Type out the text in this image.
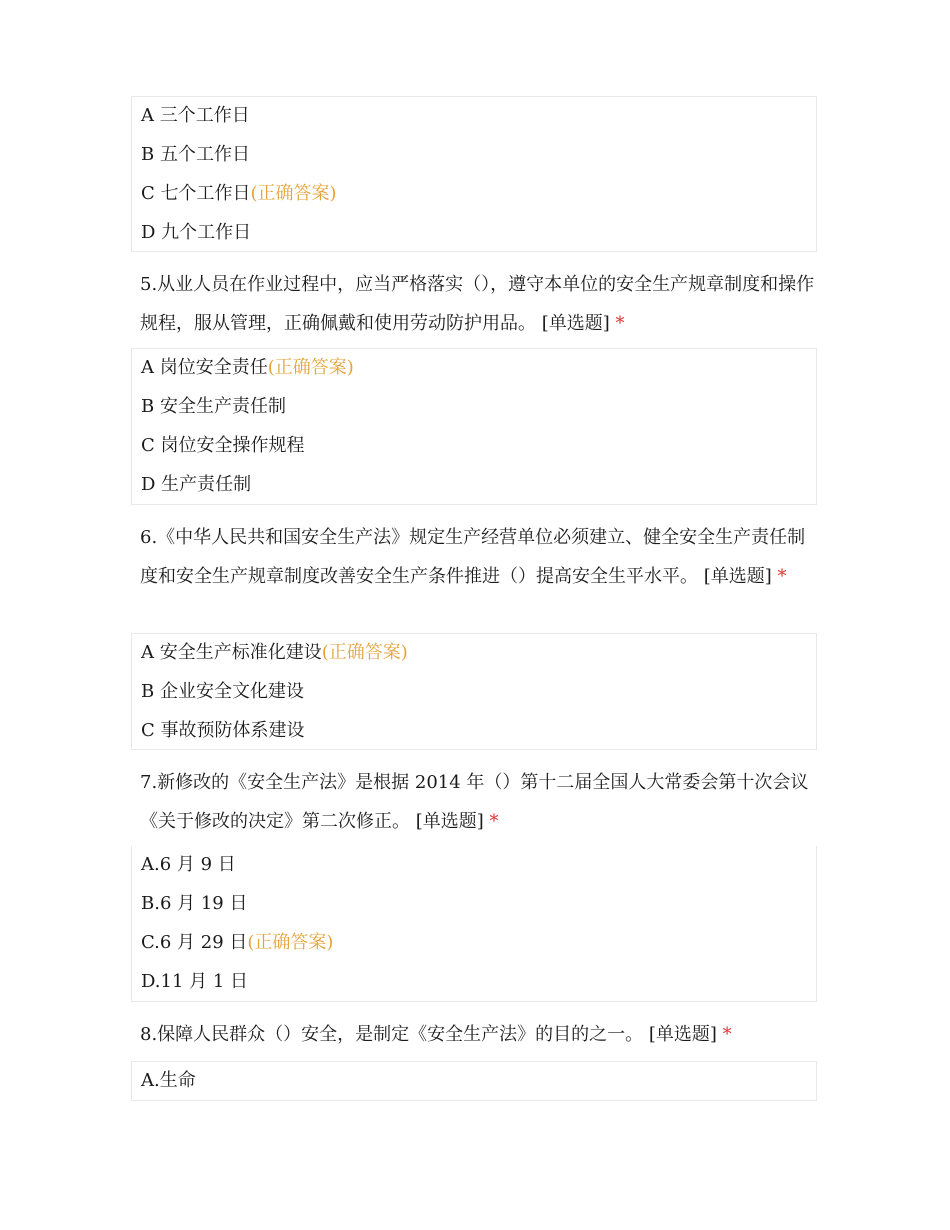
A 三个工作日
B 五个工作日
C 七个工作日(正确答案)
D 九个工作日
5.从业人员在作业过程中，应当严格落实（），遵守本单位的安全生产规章制度和操作规程，服从管理，正确佩戴和使用劳动防护用品。 [单选题] *
A 岗位安全责任(正确答案)
B 安全生产责任制
C 岗位安全操作规程
D 生产责任制
6.《中华人民共和国安全生产法》规定生产经营单位必须建立、健全安全生产责任制度和安全生产规章制度改善安全生产条件推进（）提高安全生平水平。 [单选题] *
A 安全生产标准化建设(正确答案)
B 企业安全文化建设
C 事故预防体系建设
7.新修改的《安全生产法》是根据 2014 年（）第十二届全国人大常委会第十次会议《关于修改的决定》第二次修正。 [单选题] *
A.6 月 9 日
B.6 月 19 日
C.6 月 29 日(正确答案)
D.11 月 1 日
8.保障人民群众（）安全，是制定《安全生产法》的目的之一。 [单选题] *
A.生命
